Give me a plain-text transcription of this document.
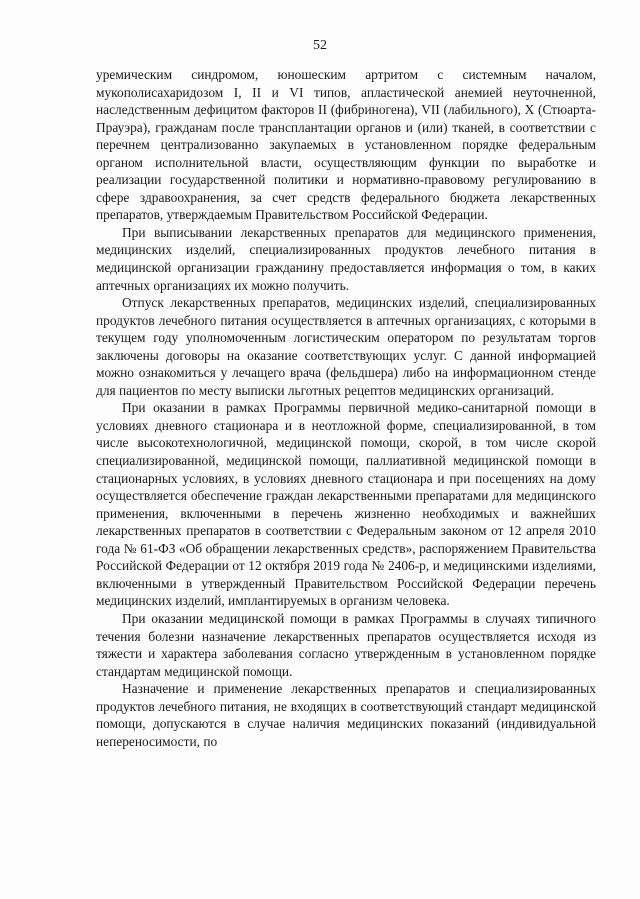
52

уремическим синдромом, юношеским артритом с системным началом, мукополисахаридозом I, II и VI типов, апластической анемией неуточненной, наследственным дефицитом факторов II (фибриногена), VII (лабильного), X (Стюарта-Прауэра), гражданам после трансплантации органов и (или) тканей, в соответствии с перечнем централизованно закупаемых в установленном порядке федеральным органом исполнительной власти, осуществляющим функции по выработке и реализации государственной политики и нормативно-правовому регулированию в сфере здравоохранения, за счет средств федерального бюджета лекарственных препаратов, утверждаемым Правительством Российской Федерации.

При выписывании лекарственных препаратов для медицинского применения, медицинских изделий, специализированных продуктов лечебного питания в медицинской организации гражданину предоставляется информация о том, в каких аптечных организациях их можно получить.

Отпуск лекарственных препаратов, медицинских изделий, специализированных продуктов лечебного питания осуществляется в аптечных организациях, с которыми в текущем году уполномоченным логистическим оператором по результатам торгов заключены договоры на оказание соответствующих услуг. С данной информацией можно ознакомиться у лечащего врача (фельдшера) либо на информационном стенде для пациентов по месту выписки льготных рецептов медицинских организаций.

При оказании в рамках Программы первичной медико-санитарной помощи в условиях дневного стационара и в неотложной форме, специализированной, в том числе высокотехнологичной, медицинской помощи, скорой, в том числе скорой специализированной, медицинской помощи, паллиативной медицинской помощи в стационарных условиях, в условиях дневного стационара и при посещениях на дому осуществляется обеспечение граждан лекарственными препаратами для медицинского применения, включенными в перечень жизненно необходимых и важнейших лекарственных препаратов в соответствии с Федеральным законом от 12 апреля 2010 года № 61-ФЗ «Об обращении лекарственных средств», распоряжением Правительства Российской Федерации от 12 октября 2019 года № 2406-р, и медицинскими изделиями, включенными в утвержденный Правительством Российской Федерации перечень медицинских изделий, имплантируемых в организм человека.

При оказании медицинской помощи в рамках Программы в случаях типичного течения болезни назначение лекарственных препаратов осуществляется исходя из тяжести и характера заболевания согласно утвержденным в установленном порядке стандартам медицинской помощи.

Назначение и применение лекарственных препаратов и специализированных продуктов лечебного питания, не входящих в соответствующий стандарт медицинской помощи, допускаются в случае наличия медицинских показаний (индивидуальной непереносимости, по
